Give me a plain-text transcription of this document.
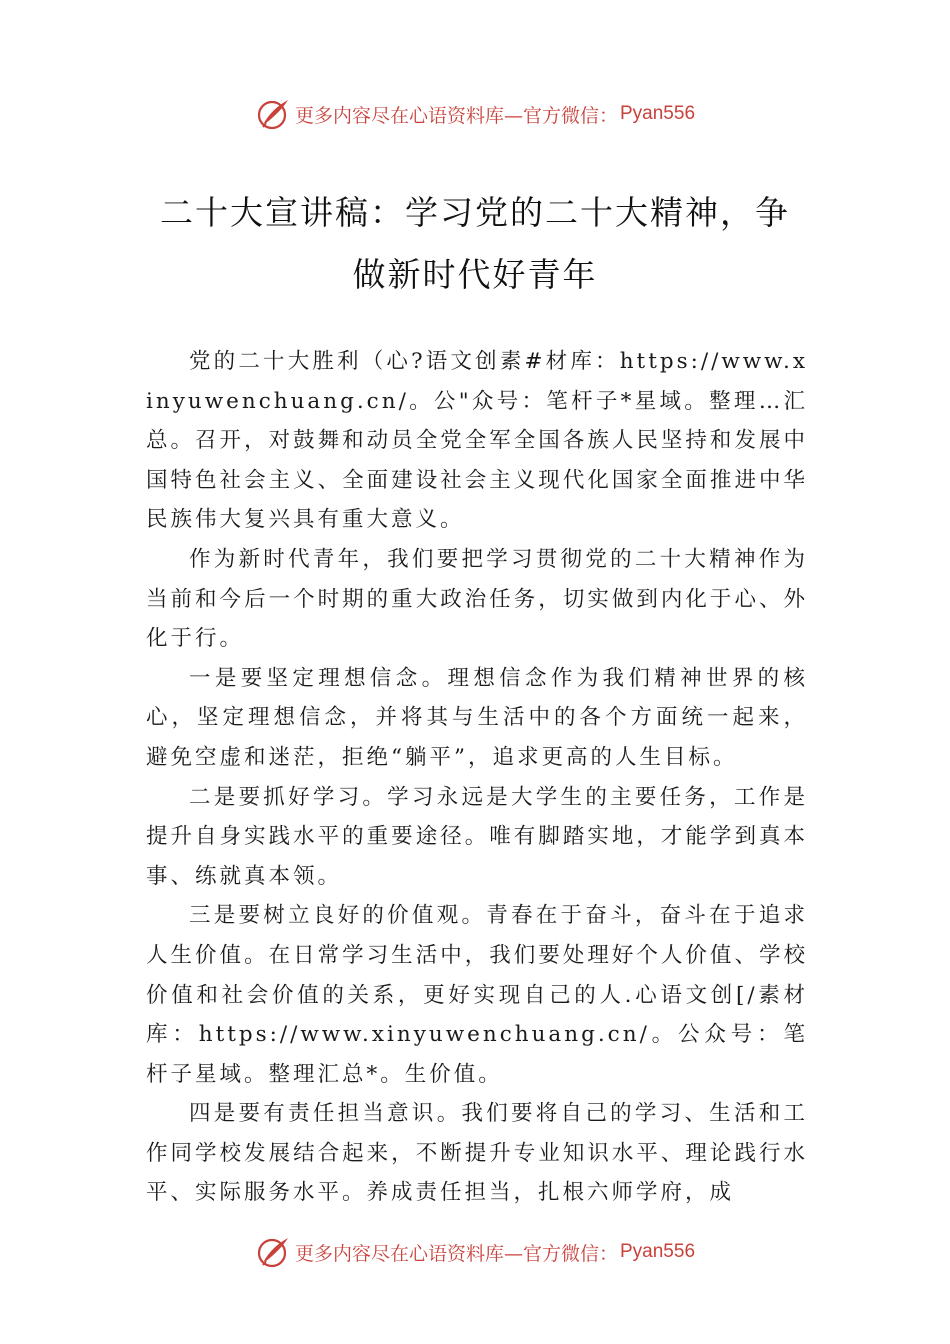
更多内容尽在心语资料库—官方微信： Pyan556
二十大宣讲稿：学习党的二十大精神，争
做新时代好青年

党的二十大胜利（心?语文创素#材库：https://www.xinyuwenchuang.cn/。公"众号：笔杆子*星域。整理…汇总。召开，对鼓舞和动员全党全军全国各族人民坚持和发展中国特色社会主义、全面建设社会主义现代化国家全面推进中华民族伟大复兴具有重大意义。

作为新时代青年，我们要把学习贯彻党的二十大精神作为当前和今后一个时期的重大政治任务，切实做到内化于心、外化于行。

一是要坚定理想信念。理想信念作为我们精神世界的核心，坚定理想信念，并将其与生活中的各个方面统一起来， 避免空虚和迷茫，拒绝“躺平”，追求更高的人生目标。

二是要抓好学习。学习永远是大学生的主要任务，工作是提升自身实践水平的重要途径。唯有脚踏实地，才能学到真本事、练就真本领。

三是要树立良好的价值观。青春在于奋斗，奋斗在于追求人生价值。在日常学习生活中，我们要处理好个人价值、学校价值和社会价值的关系，更好实现自己的人.心语文创[/素材库：https://www.xinyuwenchuang.cn/。公众号：笔杆子星域。整理汇总*。生价值。

四是要有责任担当意识。我们要将自己的学习、生活和工作同学校发展结合起来，不断提升专业知识水平、理论践行水平、实际服务水平。养成责任担当，扎根六师学府，成

更多内容尽在心语资料库—官方微信： Pyan556
